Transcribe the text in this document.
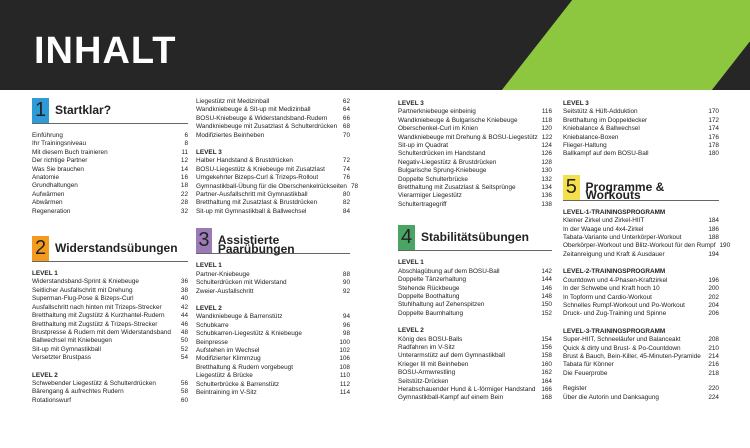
INHALT
1 Startklar?
Einführung	6
Ihr Trainingsniveau	8
Mit diesem Buch trainieren	11
Der richtige Partner	12
Was Sie brauchen	14
Anatomie	16
Grundhaltungen	18
Aufwärmen	22
Abwärmen	28
Regeneration	32
2 Widerstandsübungen
LEVEL 1
Widerstandsband-Sprint & Kniebeuge	36
Seitlicher Ausfallschritt mit Drehung	38
Superman-Flug-Pose & Bizeps-Curl	40
Ausfallschritt nach hinten mit Trizeps-Strecker	42
Bretthaltung mit Zugstütz & Kurzhantel-Rudern	44
Bretthaltung mit Zugstütz & Trizeps-Strecker	46
Brustpresse & Rudern mit dem Widerstandsband 48
Ballwechsel mit Kniebeugen	50
Sit-up mit Gymnastikball	52
Versetzter Brustpass	54
LEVEL 2
Schwebender Liegestütz & Schulterdrücken	56
Bärengang & aufrechtes Rudern	58
Rotationswurf	60
Liegestütz mit Medizinball	62
Wandkniebeuge & Sit-up mit Medizinball	64
BOSU-Kniebeuge & Widerstandsband-Rudern 66
Wandkniebeuge mit Zusatzlast & Schulterdrücken 68
Modifiziertes Beinheben	70
LEVEL 3
Halber Handstand & Brustdrücken	72
BOSU-Liegestütz & Kniebeuge mit Zusatzlast	74
Umgekehrter Bizeps-Curl & Trizeps-Rollout	76
Gymnastikball-Übung für die Oberschenkelrückseiten 78
Partner-Ausfallschritt mit Gymnastikball	80
Bretthaltung mit Zusatzlast & Brustdrücken	82
Sit-up mit Gymnastikball & Ballwechsel	84
3 Assistierte Paarübungen
LEVEL 1
Partner-Kniebeuge	88
Schulterdrücken mit Widerstand	90
Zweier-Ausfallschritt	92
LEVEL 2
Wandkniebeuge & Barrenstütz	94
Schubkarre	96
Schubkarren-Liegestütz & Kniebeuge	98
Beinpresse	100
Aufstehen im Wechsel	102
Modifizierter Klimmzug	106
Bretthaltung & Rudern vorgebeugt	108
Liegestütz & Brücke	110
Schulterbrücke & Barrenstütz	112
Beintraining im V-Sitz	114
LEVEL 3
Partnerkniebeuge einbeinig	116
Wandkniebeuge & Bulgarische Kniebeuge	118
Oberschenkel-Curl im Knien	120
Wandkniebeuge mit Drehung & BOSU-Liegestütz 122
Sit-up im Quadrat	124
Schulterdrücken im Handstand	126
Negativ-Liegestütz & Brustdrücken	128
Bulgarische Sprung-Kniebeuge	130
Doppelte Schulterbrücke	132
Bretthaltung mit Zusatzlast & Seitsprünge	134
Vierarmiger Liegestütz	136
Schultertragegriff	138
4 Stabilitätsübungen
LEVEL 1
Abschlagübung auf dem BOSU-Ball	142
Doppelte Tänzerhaltung	144
Stehende Rückbeuge	146
Doppelte Boothaltung	148
Stuhlhaltung auf Zehenspitzen	150
Doppelte Baumhaltung	152
LEVEL 2
König des BOSU-Balls	154
Radfahren im V-Sitz	156
Unterarmstütz auf dem Gymnastikball	158
Krieger III mit Beinheben	160
BOSU-Armwrestling	162
Seitstütz-Drücken	164
Herabschauender Hund & L-förmiger Handstand 166
Gymnastikball-Kampf auf einem Bein	168
LEVEL 3
Seitstütz & Hüft-Adduktion	170
Bretthaltung im Doppeldecker	172
Kniebalance & Ballwechsel	174
Kniebalance-Boxen	176
Flieger-Haltung	178
Ballkampf auf dem BOSU-Ball	180
5 Programme & Workouts
LEVEL-1-TRAININGSPROGRAMM
Kleiner Zirkel und Zirkel-HIIT	184
In der Waage und 4x4-Zirkel	186
Tabata-Variante und Unterkörper-Workout	188
Oberkörper-Workout und Blitz-Workout für den Rumpf 190
Zeitanreigung und Kraft & Ausdauer	194
LEVEL-2-TRAININGSPROGRAMM
Countdown und 4-Phasen-Kraftzirkel	196
In der Schwebe und Kraft hoch 10	200
In Topform und Cardio-Workout	202
Schnelles Rumpf-Workout und Po-Workout	204
Druck- und Zug-Training und Spinne	206
LEVEL-3-TRAININGSPROGRAMM
Super-HIIT, Schneeläufer und Balanceakt	208
Quick & dirty und Brust- & Po-Countdown	210
Brust & Bauch, Bein-Killer, 45-Minuten-Pyramide 214
Tabata für Könner	216
Die Feuerprobe	218
Register	220
Über die Autorin und Danksagung	224
